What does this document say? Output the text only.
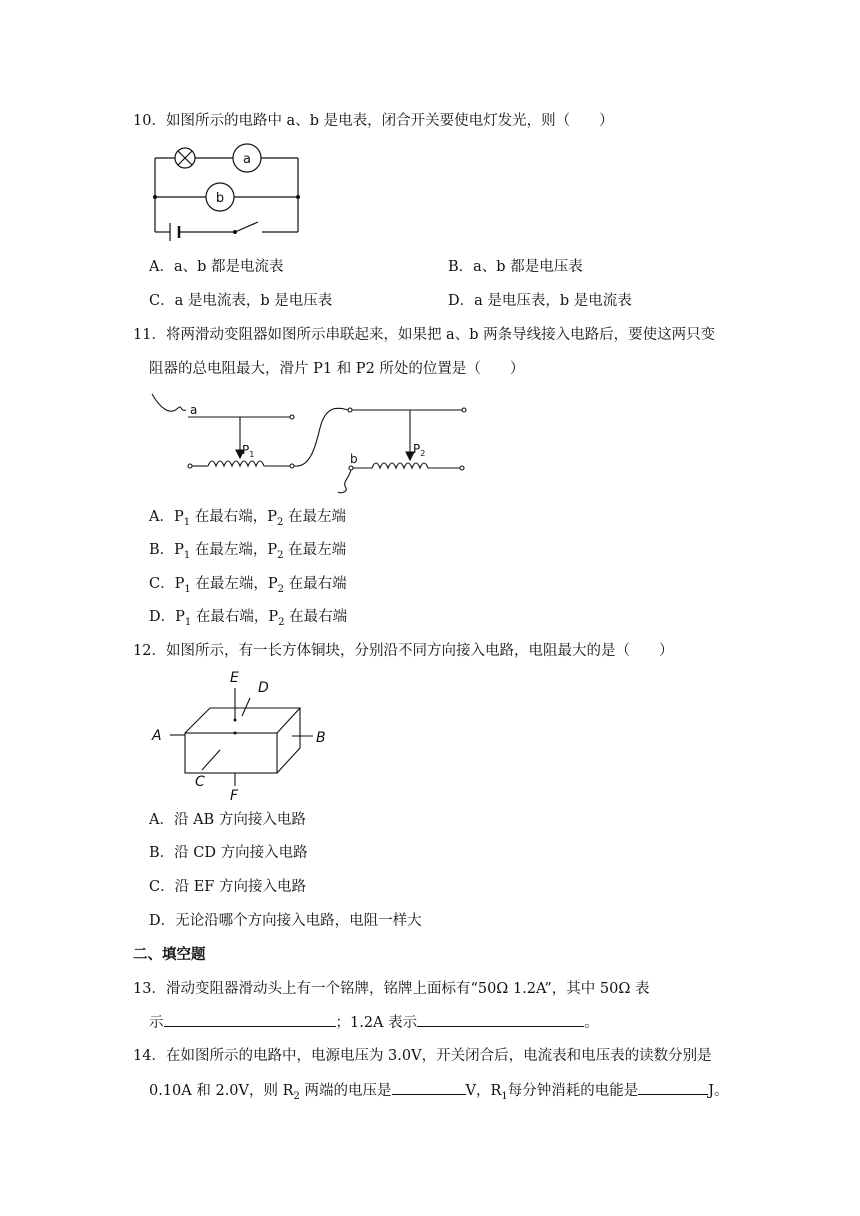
10．如图所示的电路中 a、b 是电表，闭合开关要使电灯发光，则（　　）
a
b
A．a、b 都是电流表	B．a、b 都是电压表
C．a 是电流表，b 是电压表	D．a 是电压表，b 是电流表
11．将两滑动变阻器如图所示串联起来，如果把 a、b 两条导线接入电路后，要使这两只变
阻器的总电阻最大，滑片 P1 和 P2 所处的位置是（　　）
a
b
$P_1$	$P_2$
A．$P_1$ 在最右端，$P_2$ 在最左端
B．$P_1$ 在最左端，$P_2$ 在最左端
C．$P_1$ 在最左端，$P_2$ 在最右端
D．$P_1$ 在最右端，$P_2$ 在最右端
12．如图所示，有一长方体铜块，分别沿不同方向接入电路，电阻最大的是（　　）
A	B
C
D
E
F
A．沿 AB 方向接入电路
B．沿 CD 方向接入电路
C．沿 EF 方向接入电路
D．无论沿哪个方向接入电路，电阻一样大
二、填空题
13．滑动变阻器滑动头上有一个铭牌，铭牌上面标有“50Ω 1.2A”，其中 50Ω 表
示	；1.2A 表示	。
14．在如图所示的电路中，电源电压为 3.0V，开关闭合后，电流表和电压表的读数分别是
0.10A 和 2.0V，则 $R_2$ 两端的电压是	V，$R_1$每分钟消耗的电能是	J。
